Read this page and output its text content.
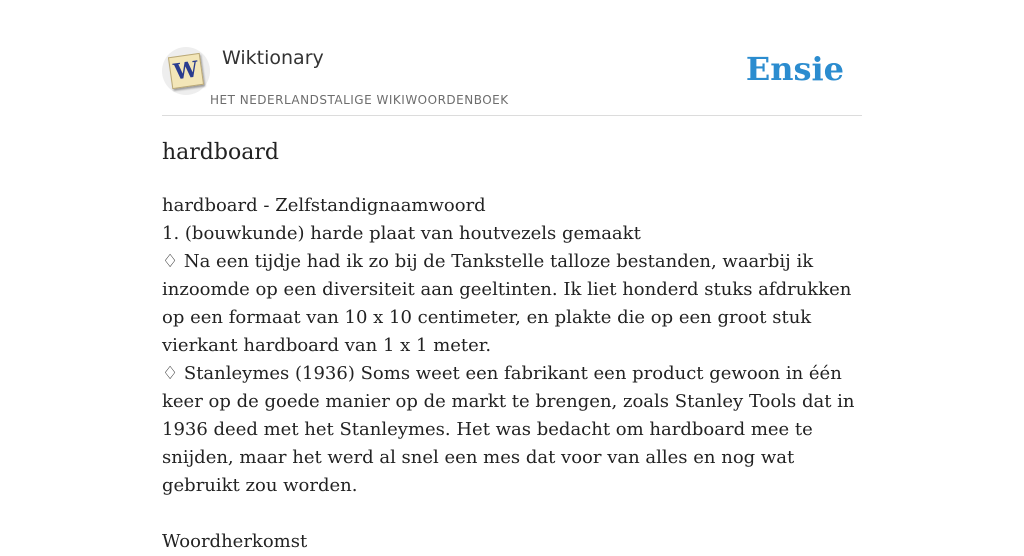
W Wiktionary
HET NEDERLANDSTALIGE WIKIWOORDENBOEK
Ensie
hardboard

hardboard - Zelfstandignaamwoord

1. (bouwkunde) harde plaat van houtvezels gemaakt

♢ Na een tijdje had ik zo bij de Tankstelle talloze bestanden, waarbij ik inzoomde op een diversiteit aan geeltinten. Ik liet honderd stuks afdrukken op een formaat van 10 x 10 centimeter, en plakte die op een groot stuk vierkant hardboard van 1 x 1 meter.

♢ Stanleymes (1936) Soms weet een fabrikant een product gewoon in één keer op de goede manier op de markt te brengen, zoals Stanley Tools dat in 1936 deed met het Stanleymes. Het was bedacht om hardboard mee te snijden, maar het werd al snel een mes dat voor van alles en nog wat gebruikt zou worden.

Woordherkomst
